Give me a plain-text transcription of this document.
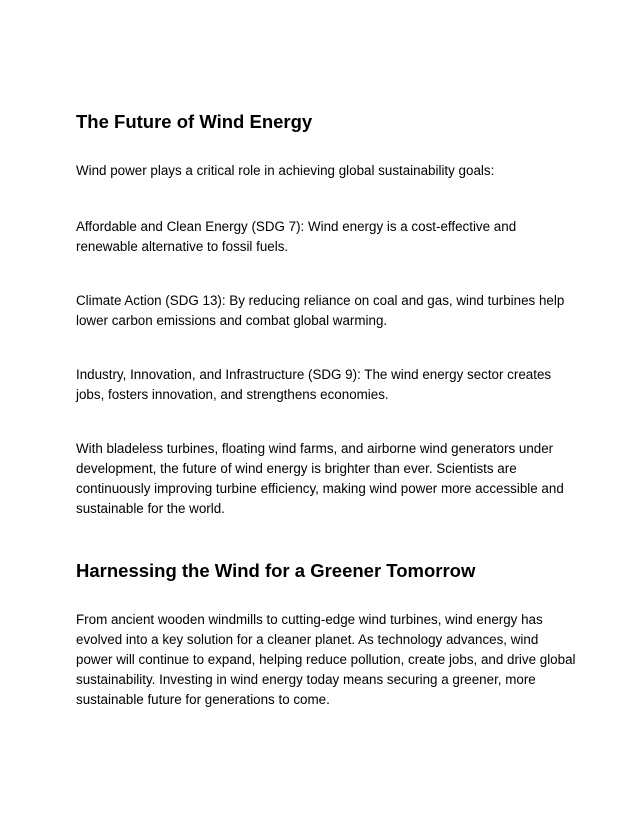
The Future of Wind Energy

Wind power plays a critical role in achieving global sustainability goals:

Affordable and Clean Energy (SDG 7): Wind energy is a cost-effective and renewable alternative to fossil fuels.

Climate Action (SDG 13): By reducing reliance on coal and gas, wind turbines help lower carbon emissions and combat global warming.

Industry, Innovation, and Infrastructure (SDG 9): The wind energy sector creates jobs, fosters innovation, and strengthens economies.

With bladeless turbines, floating wind farms, and airborne wind generators under development, the future of wind energy is brighter than ever. Scientists are continuously improving turbine efficiency, making wind power more accessible and sustainable for the world.

Harnessing the Wind for a Greener Tomorrow

From ancient wooden windmills to cutting-edge wind turbines, wind energy has evolved into a key solution for a cleaner planet. As technology advances, wind power will continue to expand, helping reduce pollution, create jobs, and drive global sustainability. Investing in wind energy today means securing a greener, more sustainable future for generations to come.
